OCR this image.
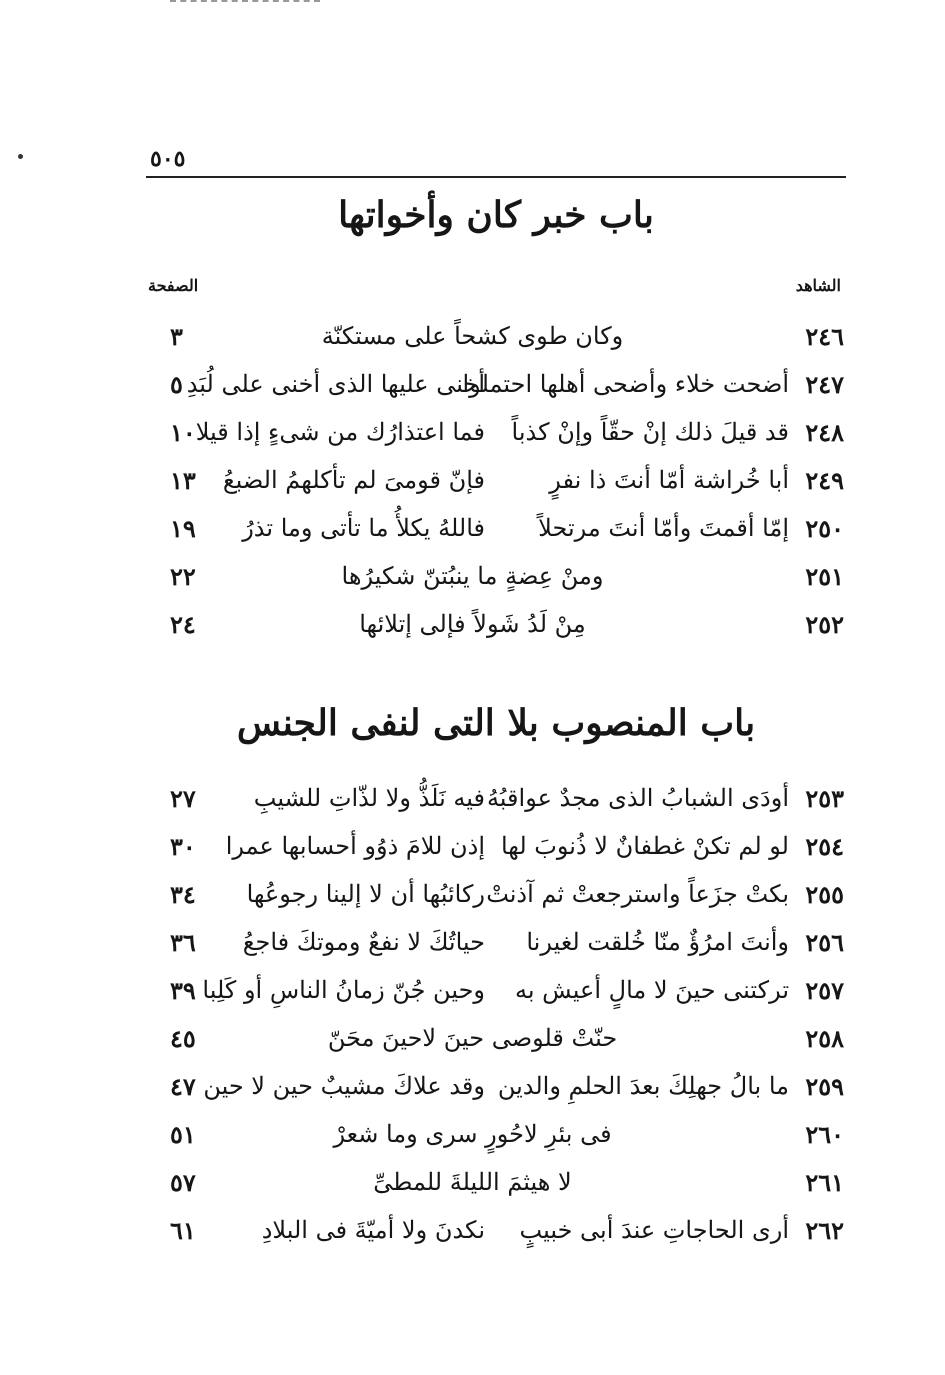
٥٠٥
باب خبر كان وأخواتها
الشاهد
الصفحة
٢٤٦
وكان طوى كشحاً على مستكنّة
٣
٢٤٧
أضحت خلاء وأضحى أهلها احتملوا
أخنى عليها الذى أخنى على لُبَدِ
٥
٢٤٨
قد قيلَ ذلك إنْ حقّاً وإنْ كذباً
فما اعتذارُك من شىءٍ إذا قيلا
١٠
٢٤٩
أبا خُراشة أمّا أنتَ ذا نفرٍ
فإنّ قومىَ لم تأكلهمُ الضبعُ
١٣
٢٥٠
إمّا أقمتَ وأمّا أنتَ مرتحلاً
فاللهُ يكلأُ ما تأتى وما تذرُ
١٩
٢٥١
ومنْ عِضةٍ ما ينبُتنّ شكيرُها
٢٢
٢٥٢
مِنْ لَدُ شَولاً فإلى إتلائها
٢٤
باب المنصوب بلا التى لنفى الجنس
٢٥٣
أودَى الشبابُ الذى مجدٌ عواقبُهُ
فيه نَلَذُّ ولا لذّاتِ للشيبِ
٢٧
٢٥٤
لو لم تكنْ غطفانٌ لا ذُنوبَ لها
إذن للامَ ذوُو أحسابها عمرا
٣٠
٢٥٥
بكتْ جزَعاً واسترجعتْ ثم آذنتْ
ركائبُها أن لا إلينا رجوعُها
٣٤
٢٥٦
وأنتَ امرُؤٌ منّا خُلقت لغيرنا
حياتُكَ لا نفعٌ وموتكَ فاجعُ
٣٦
٢٥٧
تركتنى حينَ لا مالٍ أعيش به
وحين جُنّ زمانُ الناسِ أو كَلِبا
٣٩
٢٥٨
حنّتْ قلوصى حينَ لاحينَ محَنّ
٤٥
٢٥٩
ما بالُ جهلِكَ بعدَ الحلمِ والدين
وقد علاكَ مشيبٌ حين لا حين
٤٧
٢٦٠
فى بئرِ لاحُورٍ سرى وما شعرْ
٥١
٢٦١
لا هيثمَ الليلةَ للمطىِّ
٥٧
٢٦٢
أرى الحاجاتِ عندَ أبى خبيبٍ
نكدنَ ولا أميّةَ فى البلادِ
٦١
